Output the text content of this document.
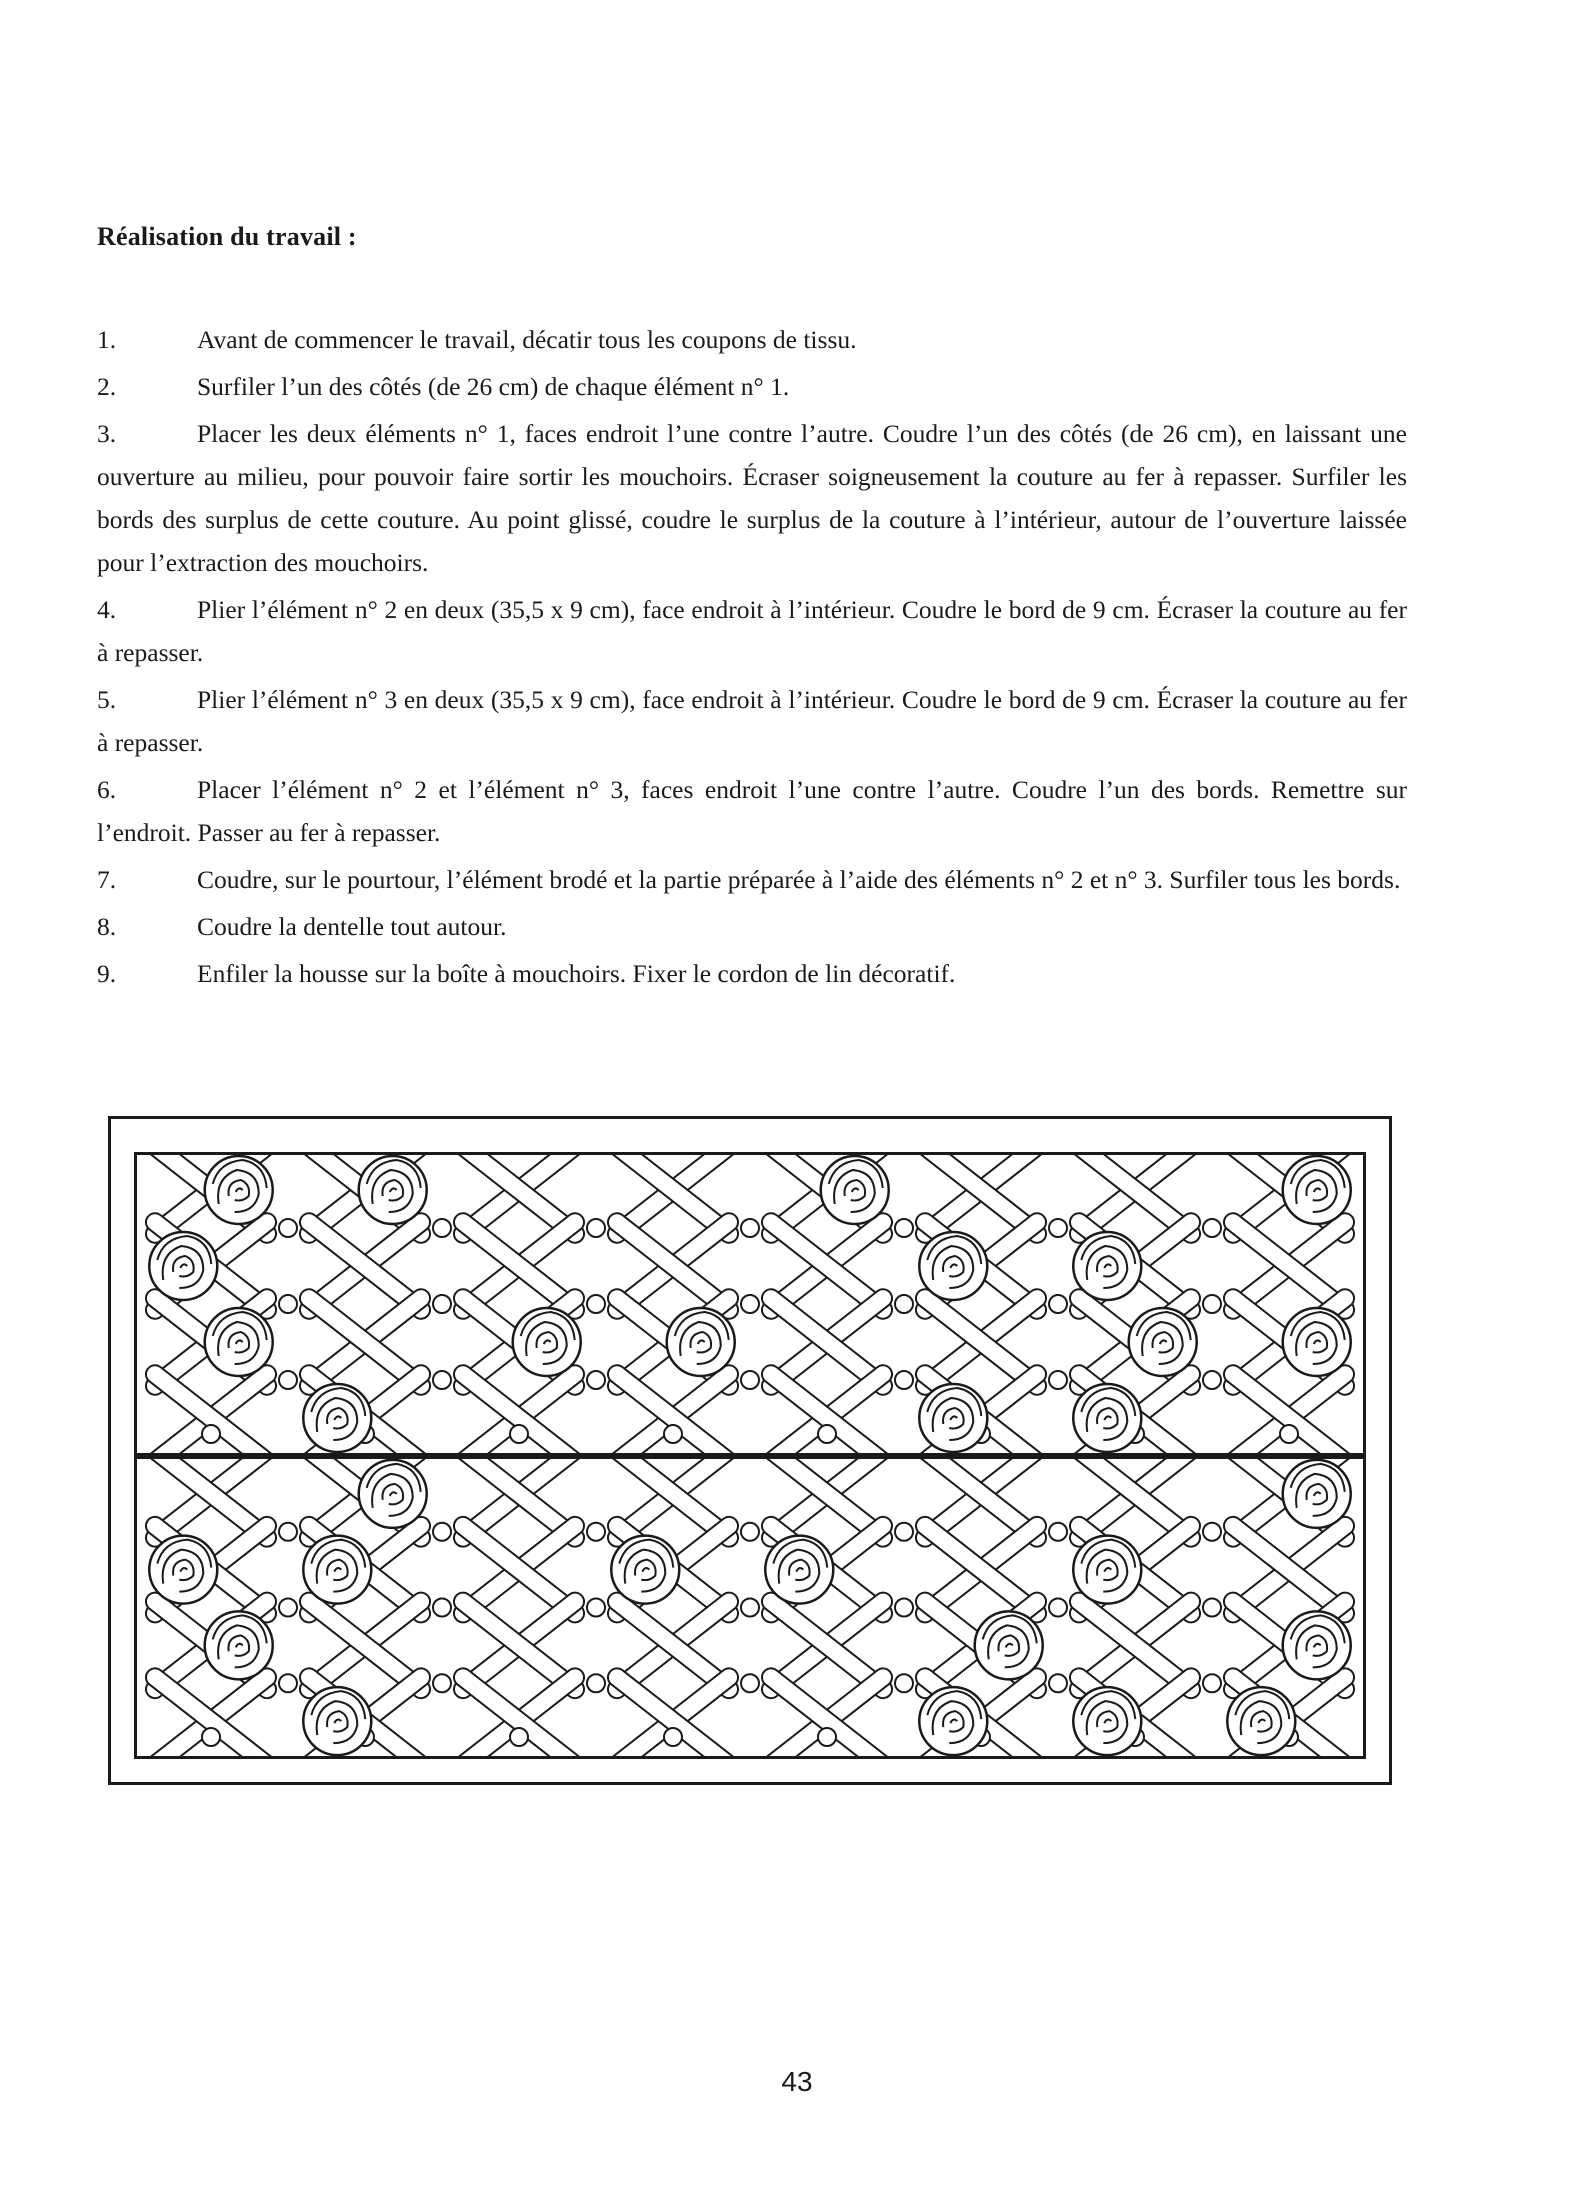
Réalisation du travail :
1.	Avant de commencer le travail, décatir tous les coupons de tissu.
2.	Surfiler l’un des côtés (de 26 cm) de chaque élément n° 1.
3.	Placer les deux éléments n° 1, faces endroit l’une contre l’autre. Coudre l’un des côtés (de 26 cm), en laissant une ouverture au milieu, pour pouvoir faire sortir les mouchoirs. Écraser soigneusement la couture au fer à repasser. Surfiler les bords des surplus de cette couture. Au point glissé, coudre le surplus de la couture à l’intérieur, autour de l’ouverture laissée pour l’extraction des mouchoirs.
4.	Plier l’élément n° 2 en deux (35,5 x 9 cm), face endroit à l’intérieur. Coudre le bord de 9 cm. Écraser la couture au fer à repasser.
5.	Plier l’élément n° 3 en deux (35,5 x 9 cm), face endroit à l’intérieur. Coudre le bord de 9 cm. Écraser la couture au fer à repasser.
6.	Placer l’élément n° 2 et l’élément n° 3, faces endroit l’une contre l’autre. Coudre l’un des bords. Remettre sur l’endroit. Passer au fer à repasser.
7.	Coudre, sur le pourtour, l’élément brodé et la partie préparée à l’aide des éléments n° 2 et n° 3. Surfiler tous les bords.
8.	Coudre la dentelle tout autour.
9.	Enfiler la housse sur la boîte à mouchoirs. Fixer le cordon de lin décoratif.
43
